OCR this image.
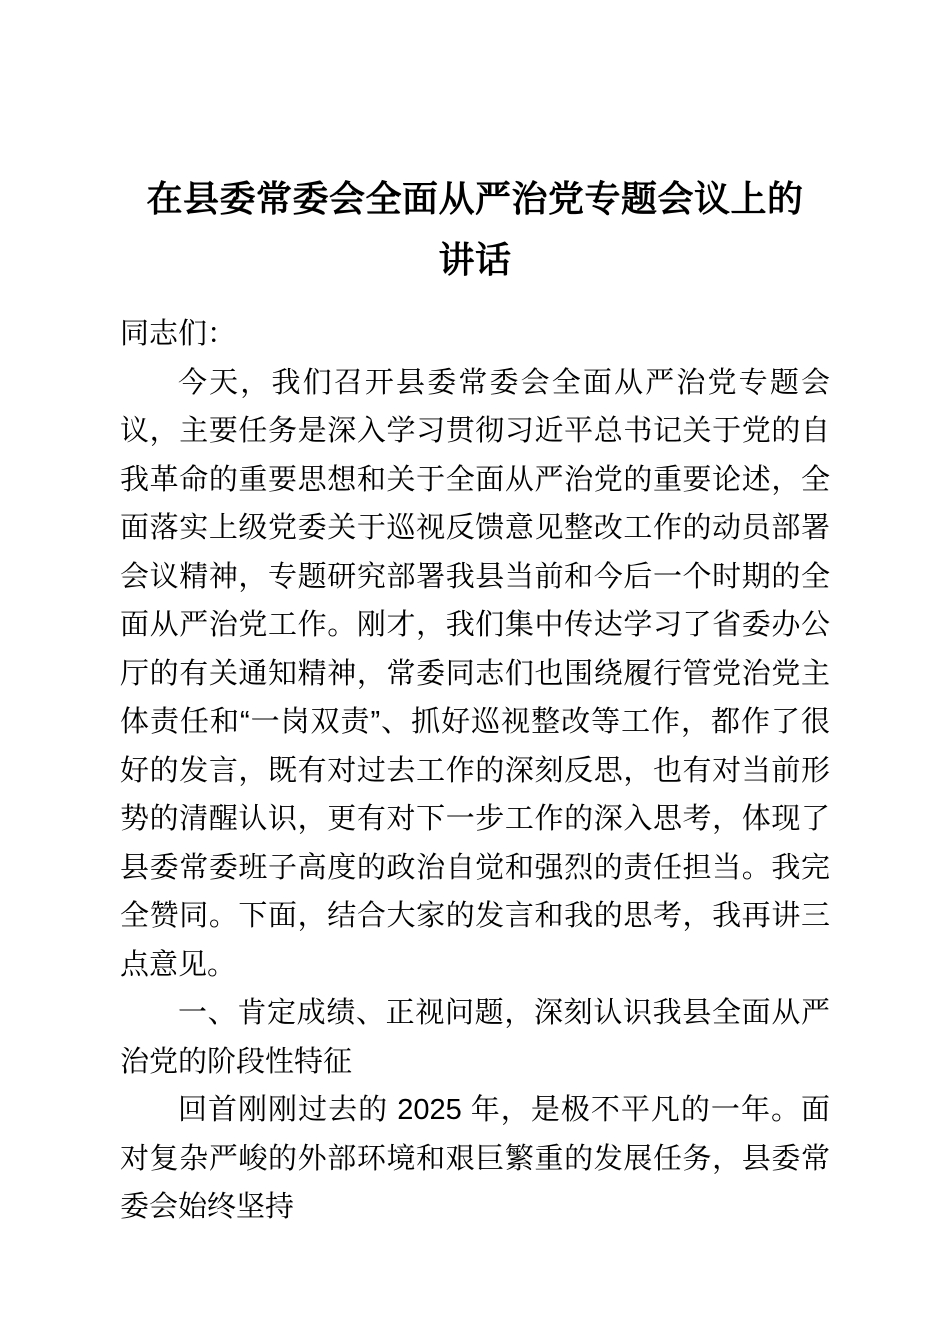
在县委常委会全面从严治党专题会议上的
讲话

同志们：

今天，我们召开县委常委会全面从严治党专题会议，主要任务是深入学习贯彻习近平总书记关于党的自我革命的重要思想和关于全面从严治党的重要论述，全面落实上级党委关于巡视反馈意见整改工作的动员部署会议精神，专题研究部署我县当前和今后一个时期的全面从严治党工作。刚才，我们集中传达学习了省委办公厅的有关通知精神，常委同志们也围绕履行管党治党主体责任和“一岗双责”、抓好巡视整改等工作，都作了很好的发言，既有对过去工作的深刻反思，也有对当前形势的清醒认识，更有对下一步工作的深入思考，体现了县委常委班子高度的政治自觉和强烈的责任担当。我完全赞同。下面，结合大家的发言和我的思考，我再讲三点意见。

一、肯定成绩、正视问题，深刻认识我县全面从严治党的阶段性特征

回首刚刚过去的 2025 年，是极不平凡的一年。面对复杂严峻的外部环境和艰巨繁重的发展任务，县委常委会始终坚持
